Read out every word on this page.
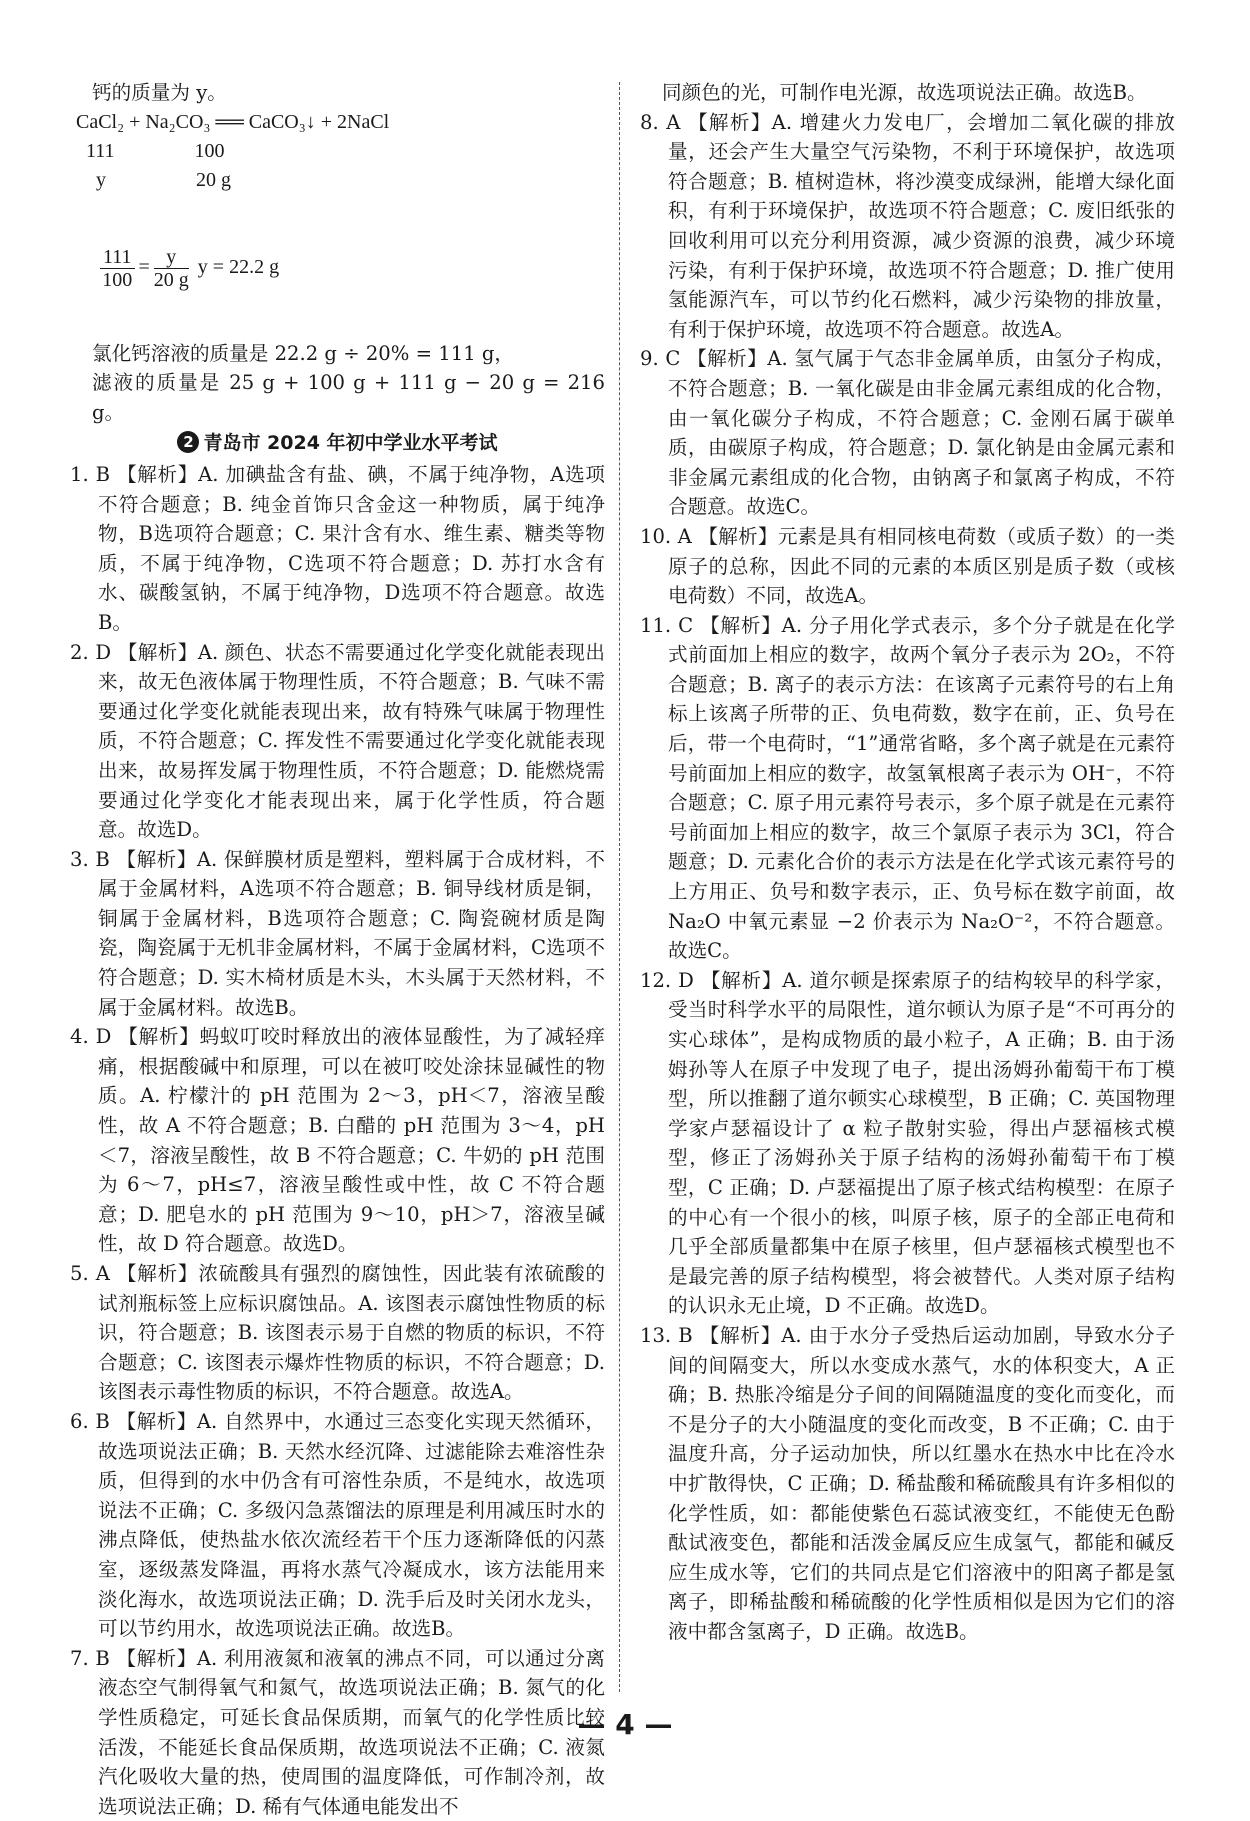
钙的质量为 y。

CaCl₂ + Na₂CO₃ ══ CaCO₃↓ + 2NaCl

111                100

y                  20 g

$\frac{111}{100} = \frac{y}{20 g}$ y = 22.2 g

氯化钙溶液的质量是 22.2 g ÷ 20% = 111 g，

滤液的质量是 25 g + 100 g + 111 g − 20 g = 216 g。

2 青岛市 2024 年初中学业水平考试

1. B 【解析】A. 加碘盐含有盐、碘，不属于纯净物，A选项不符合题意；B. 纯金首饰只含金这一种物质，属于纯净物，B选项符合题意；C. 果汁含有水、维生素、糖类等物质，不属于纯净物，C选项不符合题意；D. 苏打水含有水、碳酸氢钠，不属于纯净物，D选项不符合题意。故选B。

2. D 【解析】A. 颜色、状态不需要通过化学变化就能表现出来，故无色液体属于物理性质，不符合题意；B. 气味不需要通过化学变化就能表现出来，故有特殊气味属于物理性质，不符合题意；C. 挥发性不需要通过化学变化就能表现出来，故易挥发属于物理性质，不符合题意；D. 能燃烧需要通过化学变化才能表现出来，属于化学性质，符合题意。故选D。

3. B 【解析】A. 保鲜膜材质是塑料，塑料属于合成材料，不属于金属材料，A选项不符合题意；B. 铜导线材质是铜，铜属于金属材料，B选项符合题意；C. 陶瓷碗材质是陶瓷，陶瓷属于无机非金属材料，不属于金属材料，C选项不符合题意；D. 实木椅材质是木头，木头属于天然材料，不属于金属材料。故选B。

4. D 【解析】蚂蚁叮咬时释放出的液体显酸性，为了减轻痒痛，根据酸碱中和原理，可以在被叮咬处涂抹显碱性的物质。A. 柠檬汁的 pH 范围为 2～3，pH＜7，溶液呈酸性，故 A 不符合题意；B. 白醋的 pH 范围为 3～4，pH＜7，溶液呈酸性，故 B 不符合题意；C. 牛奶的 pH 范围为 6～7，pH≤7，溶液呈酸性或中性，故 C 不符合题意；D. 肥皂水的 pH 范围为 9～10，pH＞7，溶液呈碱性，故 D 符合题意。故选D。

5. A 【解析】浓硫酸具有强烈的腐蚀性，因此装有浓硫酸的试剂瓶标签上应标识腐蚀品。A. 该图表示腐蚀性物质的标识，符合题意；B. 该图表示易于自燃的物质的标识，不符合题意；C. 该图表示爆炸性物质的标识，不符合题意；D. 该图表示毒性物质的标识，不符合题意。故选A。

6. B 【解析】A. 自然界中，水通过三态变化实现天然循环，故选项说法正确；B. 天然水经沉降、过滤能除去难溶性杂质，但得到的水中仍含有可溶性杂质，不是纯水，故选项说法不正确；C. 多级闪急蒸馏法的原理是利用减压时水的沸点降低，使热盐水依次流经若干个压力逐渐降低的闪蒸室，逐级蒸发降温，再将水蒸气冷凝成水，该方法能用来淡化海水，故选项说法正确；D. 洗手后及时关闭水龙头，可以节约用水，故选项说法正确。故选B。

7. B 【解析】A. 利用液氮和液氧的沸点不同，可以通过分离液态空气制得氧气和氮气，故选项说法正确；B. 氮气的化学性质稳定，可延长食品保质期，而氧气的化学性质比较活泼，不能延长食品保质期，故选项说法不正确；C. 液氮汽化吸收大量的热，使周围的温度降低，可作制冷剂，故选项说法正确；D. 稀有气体通电能发出不

同颜色的光，可制作电光源，故选项说法正确。故选B。

8. A 【解析】A. 增建火力发电厂，会增加二氧化碳的排放量，还会产生大量空气污染物，不利于环境保护，故选项符合题意；B. 植树造林，将沙漠变成绿洲，能增大绿化面积，有利于环境保护，故选项不符合题意；C. 废旧纸张的回收利用可以充分利用资源，减少资源的浪费，减少环境污染，有利于保护环境，故选项不符合题意；D. 推广使用氢能源汽车，可以节约化石燃料，减少污染物的排放量，有利于保护环境，故选项不符合题意。故选A。

9. C 【解析】A. 氢气属于气态非金属单质，由氢分子构成，不符合题意；B. 一氧化碳是由非金属元素组成的化合物，由一氧化碳分子构成，不符合题意；C. 金刚石属于碳单质，由碳原子构成，符合题意；D. 氯化钠是由金属元素和非金属元素组成的化合物，由钠离子和氯离子构成，不符合题意。故选C。

10. A 【解析】元素是具有相同核电荷数（或质子数）的一类原子的总称，因此不同的元素的本质区别是质子数（或核电荷数）不同，故选A。

11. C 【解析】A. 分子用化学式表示，多个分子就是在化学式前面加上相应的数字，故两个氧分子表示为 2O₂，不符合题意；B. 离子的表示方法：在该离子元素符号的右上角标上该离子所带的正、负电荷数，数字在前，正、负号在后，带一个电荷时，“1”通常省略，多个离子就是在元素符号前面加上相应的数字，故氢氧根离子表示为 OH⁻，不符合题意；C. 原子用元素符号表示，多个原子就是在元素符号前面加上相应的数字，故三个氯原子表示为 3Cl，符合题意；D. 元素化合价的表示方法是在化学式该元素符号的上方用正、负号和数字表示，正、负号标在数字前面，故 Na₂O 中氧元素显 −2 价表示为 Na₂O⁻²，不符合题意。故选C。

12. D 【解析】A. 道尔顿是探索原子的结构较早的科学家，受当时科学水平的局限性，道尔顿认为原子是“不可再分的实心球体”，是构成物质的最小粒子，A 正确；B. 由于汤姆孙等人在原子中发现了电子，提出汤姆孙葡萄干布丁模型，所以推翻了道尔顿实心球模型，B 正确；C. 英国物理学家卢瑟福设计了 α 粒子散射实验，得出卢瑟福核式模型，修正了汤姆孙关于原子结构的汤姆孙葡萄干布丁模型，C 正确；D. 卢瑟福提出了原子核式结构模型：在原子的中心有一个很小的核，叫原子核，原子的全部正电荷和几乎全部质量都集中在原子核里，但卢瑟福核式模型也不是最完善的原子结构模型，将会被替代。人类对原子结构的认识永无止境，D 不正确。故选D。

13. B 【解析】A. 由于水分子受热后运动加剧，导致水分子间的间隔变大，所以水变成水蒸气，水的体积变大，A 正确；B. 热胀冷缩是分子间的间隔随温度的变化而变化，而不是分子的大小随温度的变化而改变，B 不正确；C. 由于温度升高，分子运动加快，所以红墨水在热水中比在冷水中扩散得快，C 正确；D. 稀盐酸和稀硫酸具有许多相似的化学性质，如：都能使紫色石蕊试液变红，不能使无色酚酞试液变色，都能和活泼金属反应生成氢气，都能和碱反应生成水等，它们的共同点是它们溶液中的阳离子都是氢离子，即稀盐酸和稀硫酸的化学性质相似是因为它们的溶液中都含氢离子，D 正确。故选B。

— 4 —
